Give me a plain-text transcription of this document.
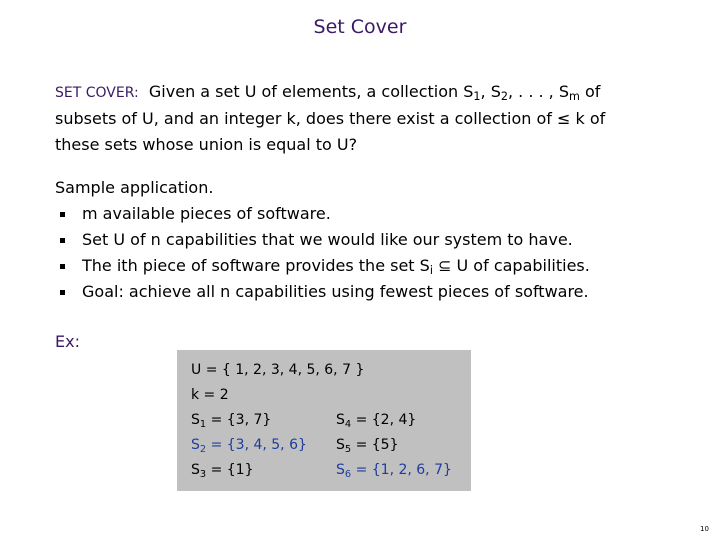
Set Cover
SET COVER: Given a set U of elements, a collection $S_1$, $S_2$, . . . , $S_m$ of
subsets of U, and an integer k, does there exist a collection of ≤ k of
these sets whose union is equal to U?
Sample application.
m available pieces of software.
Set U of n capabilities that we would like our system to have.
The ith piece of software provides the set $S_i$ ⊆ U of capabilities.
Goal: achieve all n capabilities using fewest pieces of software.
Ex:
U = { 1, 2, 3, 4, 5, 6, 7 }
k = 2
$S_1 = \{3$, 7}
$S_2 = \{3$, 4, 5, 6}
$S_3 = \{1\}$
$S_4 = \{2$, 4}
$S_5 = \{5\}$
$S_6 = \{1$, 2, 6, 7}
10
